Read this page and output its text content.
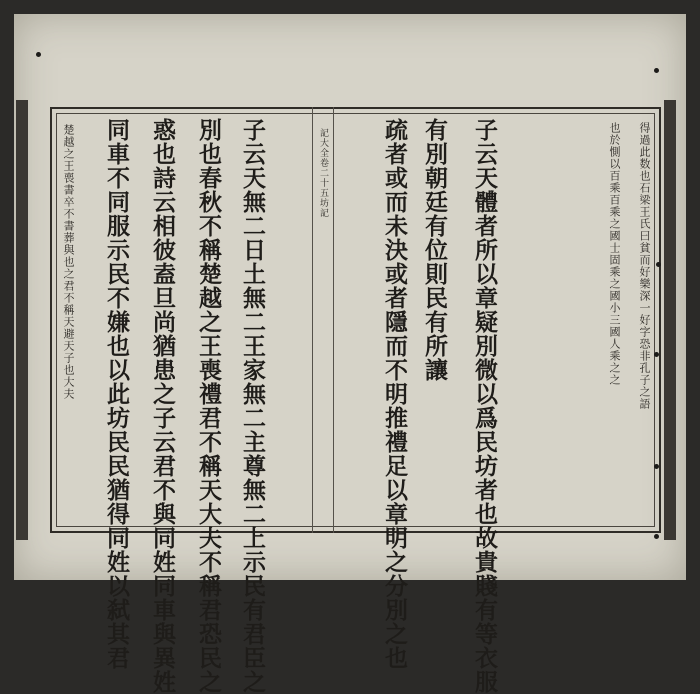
得過此数也石梁王氏曰貧而好樂深一好字恐非孔子之語
也於惻以百乘百乘之國士固乘之國小三國人乘之之
子云天體者所以章疑別微以爲民坊者也故貴賤有等衣服
有別朝廷有位則民有所讓
疏者或而未決或者隱而不明推禮足以章明之分別之也
記大全卷二十五坊記
子云天無二日土無二王家無二主尊無二上示民有君臣之
別也春秋不稱楚越之王喪禮君不稱天大夫不稱君恐民之
惑也詩云相彼盍旦尚猶患之子云君不與同姓同車與異姓
同車不同服示民不嫌也以此坊民民猶得同姓以弑其君
楚越之王喪書卒不書葬與也之君不稱天避天子也大夫
